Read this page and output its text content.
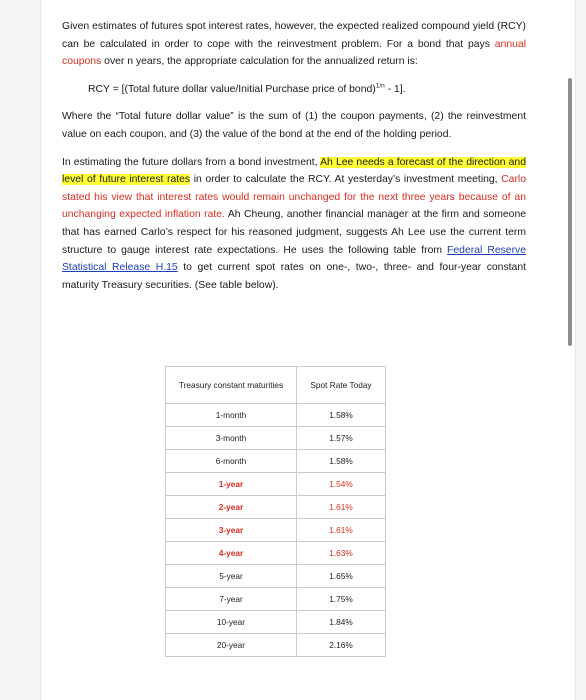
Given estimates of futures spot interest rates, however, the expected realized compound yield (RCY) can be calculated in order to cope with the reinvestment problem. For a bond that pays annual coupons over n years, the appropriate calculation for the annualized return is:

RCY = [(Total future dollar value/Initial Purchase price of bond)$^{1/n}$ - 1].

Where the “Total future dollar value” is the sum of (1) the coupon payments, (2) the reinvestment value on each coupon, and (3) the value of the bond at the end of the holding period.

In estimating the future dollars from a bond investment, Ah Lee needs a forecast of the direction and level of future interest rates in order to calculate the RCY. At yesterday’s investment meeting, Carlo stated his view that interest rates would remain unchanged for the next three years because of an unchanging expected inflation rate. Ah Cheung, another financial manager at the firm and someone that has earned Carlo’s respect for his reasoned judgment, suggests Ah Lee use the current term structure to gauge interest rate expectations. He uses the following table from Federal Reserve Statistical Release H.15 to get current spot rates on one-, two-, three- and four-year constant maturity Treasury securities. (See table below).

Treasury constant maturities	Spot Rate Today
1-month	1.58%
3-month	1.57%
6-month	1.58%
1-year	1.54%
2-year	1.61%
3-year	1.61%
4-year	1.63%
5-year	1.65%
7-year	1.75%
10-year	1.84%
20-year	2.16%
